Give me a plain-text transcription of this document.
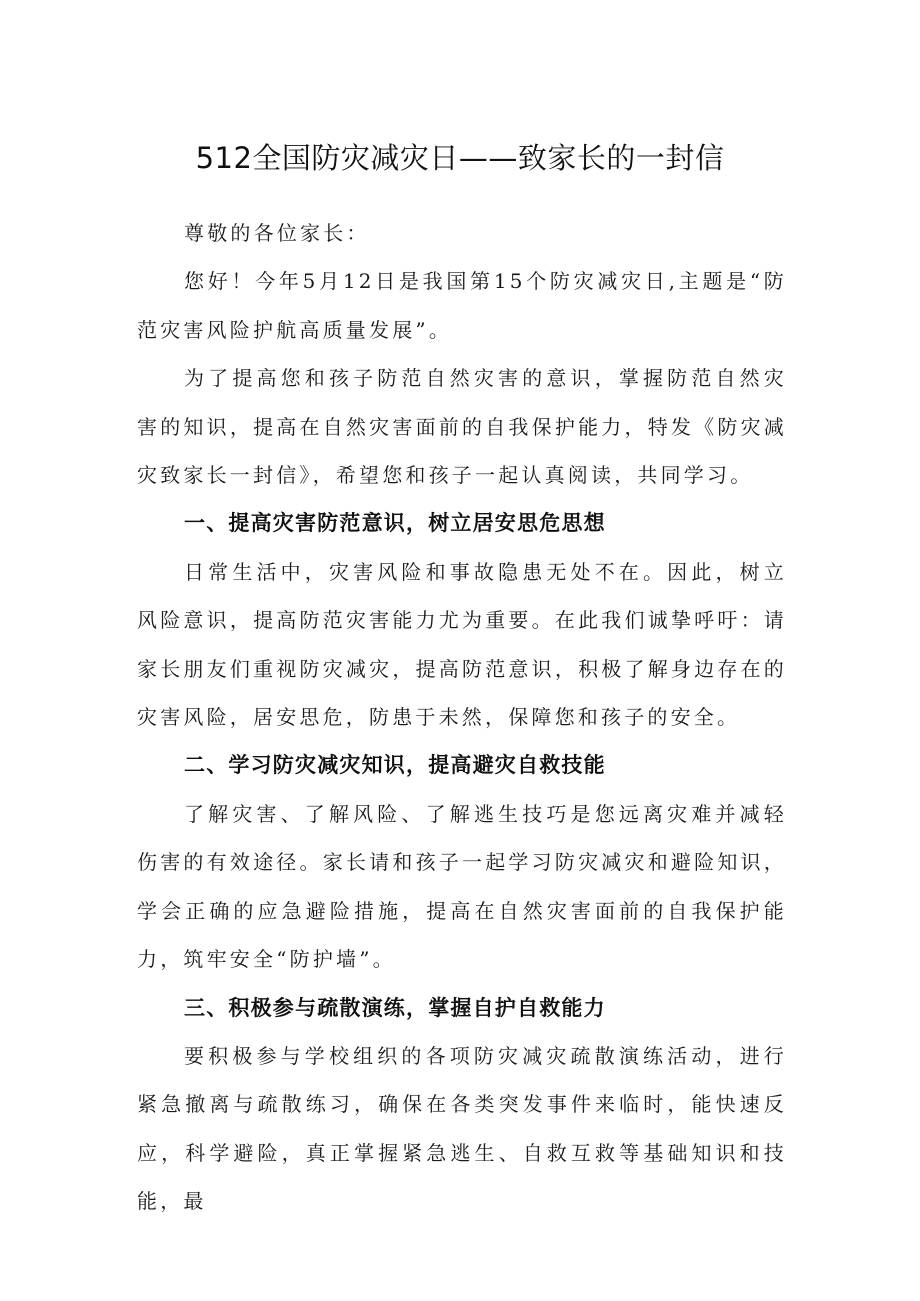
512全国防灾减灾日——致家长的一封信

尊敬的各位家长：

您好！今年5月12日是我国第15个防灾减灾日,主题是“防范灾害风险护航高质量发展”。

为了提高您和孩子防范自然灾害的意识，掌握防范自然灾害的知识，提高在自然灾害面前的自我保护能力，特发《防灾减灾致家长一封信》，希望您和孩子一起认真阅读，共同学习。

一、提高灾害防范意识，树立居安思危思想

日常生活中，灾害风险和事故隐患无处不在。因此，树立风险意识，提高防范灾害能力尤为重要。在此我们诚挚呼吁：请家长朋友们重视防灾减灾，提高防范意识，积极了解身边存在的灾害风险，居安思危，防患于未然，保障您和孩子的安全。

二、学习防灾减灾知识，提高避灾自救技能

了解灾害、了解风险、了解逃生技巧是您远离灾难并减轻伤害的有效途径。家长请和孩子一起学习防灾减灾和避险知识，学会正确的应急避险措施，提高在自然灾害面前的自我保护能力，筑牢安全“防护墙”。

三、积极参与疏散演练，掌握自护自救能力

要积极参与学校组织的各项防灾减灾疏散演练活动，进行紧急撤离与疏散练习，确保在各类突发事件来临时，能快速反应，科学避险，真正掌握紧急逃生、自救互救等基础知识和技能，最
